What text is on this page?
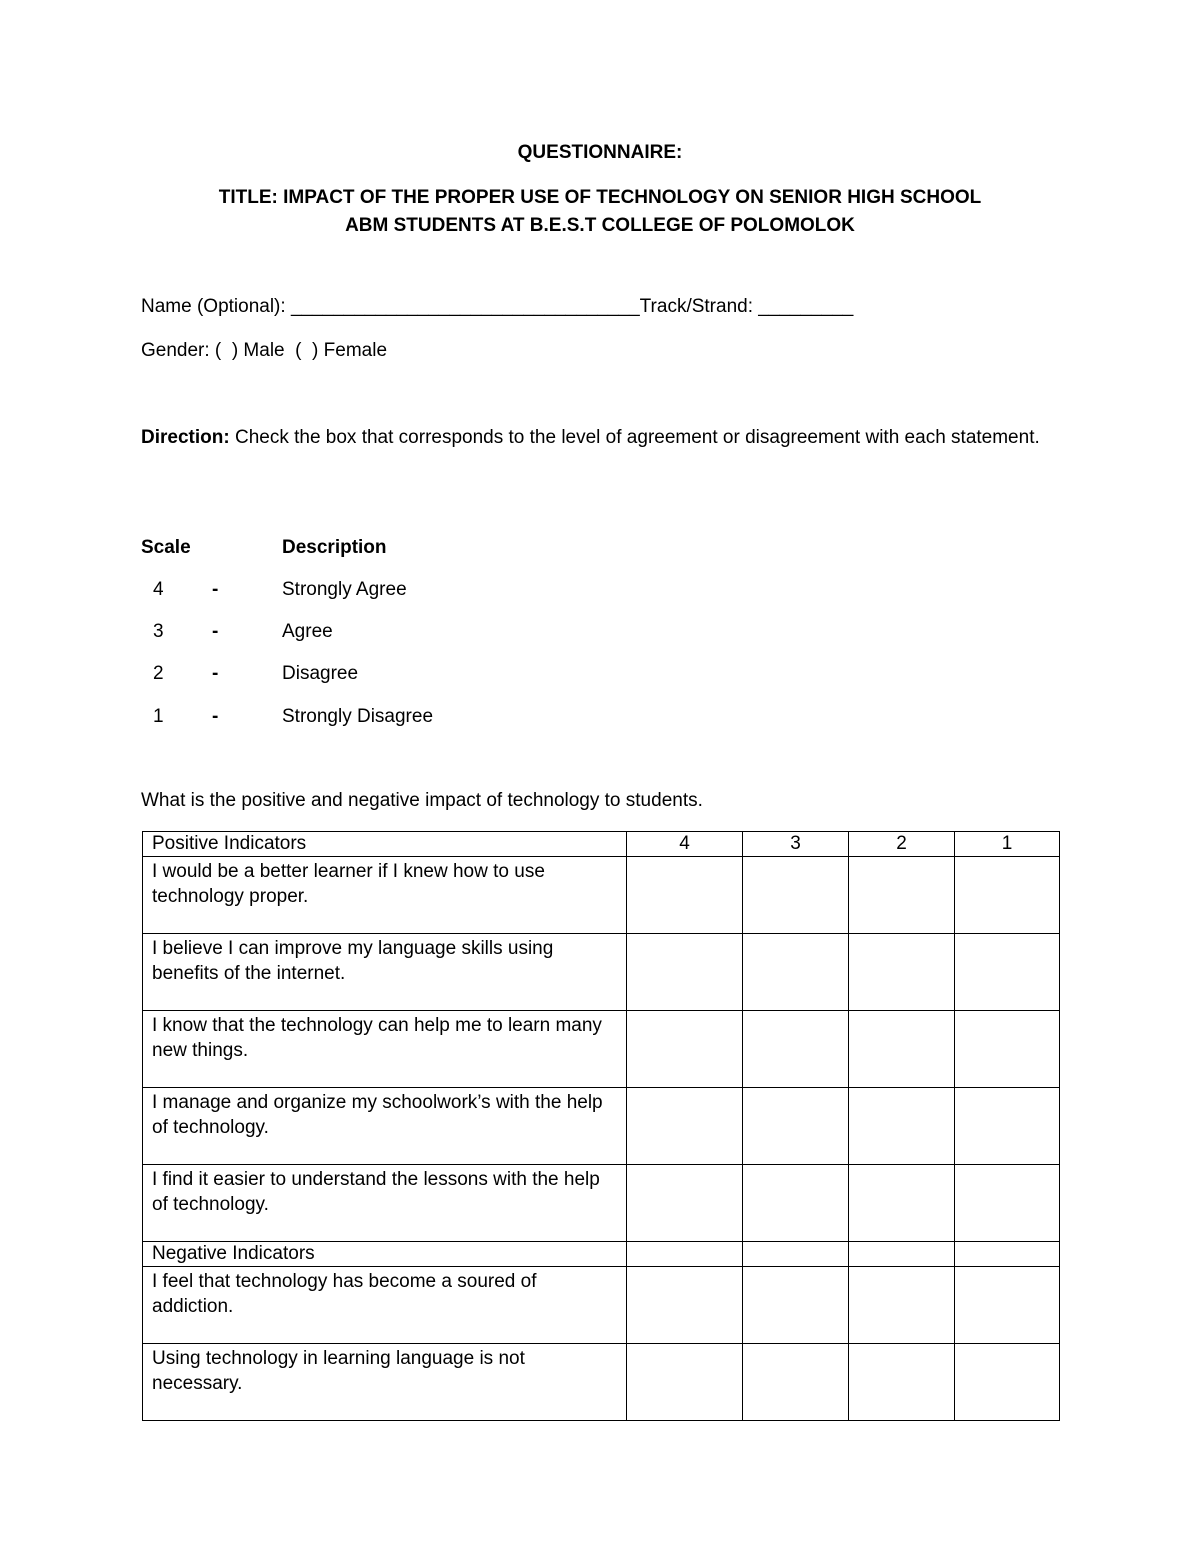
QUESTIONNAIRE:
TITLE: IMPACT OF THE PROPER USE OF TECHNOLOGY ON SENIOR HIGH SCHOOL
ABM STUDENTS AT B.E.S.T COLLEGE OF POLOMOLOK
Name (Optional): _________________________________Track/Strand: _________
Gender: (  ) Male  (  ) Female
Direction: Check the box that corresponds to the level of agreement or disagreement with each statement.
Scale	Description
4	-	Strongly Agree
3	-	Agree
2	-	Disagree
1	-	Strongly Disagree
What is the positive and negative impact of technology to students.
Positive Indicators	4	3	2	1
I would be a better learner if I knew how to use technology proper.				
I believe I can improve my language skills using benefits of the internet.				
I know that the technology can help me to learn many new things.				
I manage and organize my schoolwork’s with the help of technology.				
I find it easier to understand the lessons with the help of technology.				
Negative Indicators				
I feel that technology has become a soured of addiction.				
Using technology in learning language is not necessary.				
